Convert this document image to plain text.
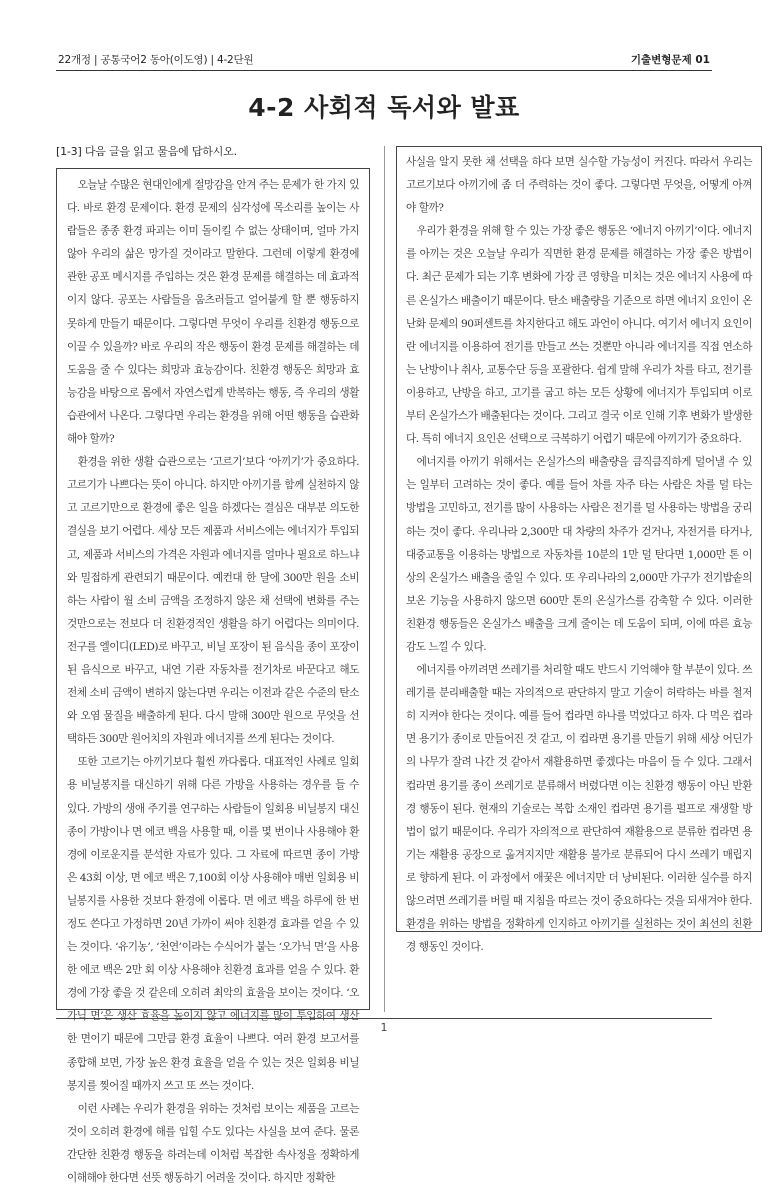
22개정 | 공통국어2 동아(이도영) | 4-2단원	기출변형문제 01
4-2 사회적 독서와 발표
[1-3] 다음 글을 읽고 물음에 답하시오.

오늘날 수많은 현대인에게 절망감을 안겨 주는 문제가 한 가지 있다. 바로 환경 문제이다. 환경 문제의 심각성에 목소리를 높이는 사람들은 종종 환경 파괴는 이미 돌이킬 수 없는 상태이며, 얼마 가지 않아 우리의 삶은 망가질 것이라고 말한다. 그런데 이렇게 환경에 관한 공포 메시지를 주입하는 것은 환경 문제를 해결하는 데 효과적이지 않다. 공포는 사람들을 움츠러들고 얼어붙게 할 뿐 행동하지 못하게 만들기 때문이다. 그렇다면 무엇이 우리를 친환경 행동으로 이끌 수 있을까? 바로 우리의 작은 행동이 환경 문제를 해결하는 데 도움을 줄 수 있다는 희망과 효능감이다. 친환경 행동은 희망과 효능감을 바탕으로 몸에서 자연스럽게 반복하는 행동, 즉 우리의 생활 습관에서 나온다. 그렇다면 우리는 환경을 위해 어떤 행동을 습관화해야 할까?

환경을 위한 생활 습관으로는 ‘고르기’보다 ‘아끼기’가 중요하다. 고르기가 나쁘다는 뜻이 아니다. 하지만 아끼기를 함께 실천하지 않고 고르기만으로 환경에 좋은 일을 하겠다는 결심은 대부분 의도한 결실을 보기 어렵다. 세상 모든 제품과 서비스에는 에너지가 투입되고, 제품과 서비스의 가격은 자원과 에너지를 얼마나 필요로 하느냐와 밀접하게 관련되기 때문이다. 예컨대 한 달에 300만 원을 소비하는 사람이 월 소비 금액을 조정하지 않은 채 선택에 변화를 주는 것만으로는 전보다 더 친환경적인 생활을 하기 어렵다는 의미이다. 전구를 엘이디(LED)로 바꾸고, 비닐 포장이 된 음식을 종이 포장이 된 음식으로 바꾸고, 내연 기관 자동차를 전기차로 바꾼다고 해도 전체 소비 금액이 변하지 않는다면 우리는 이전과 같은 수준의 탄소와 오염 물질을 배출하게 된다. 다시 말해 300만 원으로 무엇을 선택하든 300만 원어치의 자원과 에너지를 쓰게 된다는 것이다.

또한 고르기는 아끼기보다 훨씬 까다롭다. 대표적인 사례로 일회용 비닐봉지를 대신하기 위해 다른 가방을 사용하는 경우를 들 수 있다. 가방의 생애 주기를 연구하는 사람들이 일회용 비닐봉지 대신 종이 가방이나 면 에코 백을 사용할 때, 이를 몇 번이나 사용해야 환경에 이로운지를 분석한 자료가 있다. 그 자료에 따르면 종이 가방은 43회 이상, 면 에코 백은 7,100회 이상 사용해야 매번 일회용 비닐봉지를 사용한 것보다 환경에 이롭다. 면 에코 백을 하루에 한 번 정도 쓴다고 가정하면 20년 가까이 써야 친환경 효과를 얻을 수 있는 것이다. ‘유기농’, ‘천연’이라는 수식어가 붙는 ‘오가닉 면’을 사용한 에코 백은 2만 회 이상 사용해야 친환경 효과를 얻을 수 있다. 환경에 가장 좋을 것 같은데 오히려 최악의 효율을 보이는 것이다. ‘오가닉 면’은 생산 효율을 높이지 않고 에너지를 많이 투입하여 생산한 면이기 때문에 그만큼 환경 효율이 나쁘다. 여러 환경 보고서를 종합해 보면, 가장 높은 환경 효율을 얻을 수 있는 것은 일회용 비닐봉지를 찢어질 때까지 쓰고 또 쓰는 것이다.

이런 사례는 우리가 환경을 위하는 것처럼 보이는 제품을 고르는 것이 오히려 환경에 해를 입힐 수도 있다는 사실을 보여 준다. 물론 간단한 친환경 행동을 하려는데 이처럼 복잡한 속사정을 정확하게 이해해야 한다면 선뜻 행동하기 어려울 것이다. 하지만 정확한

사실을 알지 못한 채 선택을 하다 보면 실수할 가능성이 커진다. 따라서 우리는 고르기보다 아끼기에 좀 더 주력하는 것이 좋다. 그렇다면 무엇을, 어떻게 아껴야 할까?

우리가 환경을 위해 할 수 있는 가장 좋은 행동은 ‘에너지 아끼기’이다. 에너지를 아끼는 것은 오늘날 우리가 직면한 환경 문제를 해결하는 가장 좋은 방법이다. 최근 문제가 되는 기후 변화에 가장 큰 영향을 미치는 것은 에너지 사용에 따른 온실가스 배출이기 때문이다. 탄소 배출량을 기준으로 하면 에너지 요인이 온난화 문제의 90퍼센트를 차지한다고 해도 과언이 아니다. 여기서 에너지 요인이란 에너지를 이용하여 전기를 만들고 쓰는 것뿐만 아니라 에너지를 직접 연소하는 난방이나 취사, 교통수단 등을 포괄한다. 쉽게 말해 우리가 차를 타고, 전기를 이용하고, 난방을 하고, 고기를 굽고 하는 모든 상황에 에너지가 투입되며 이로부터 온실가스가 배출된다는 것이다. 그리고 결국 이로 인해 기후 변화가 발생한다. 특히 에너지 요인은 선택으로 극복하기 어렵기 때문에 아끼기가 중요하다.

에너지를 아끼기 위해서는 온실가스의 배출량을 큼직큼직하게 덜어낼 수 있는 일부터 고려하는 것이 좋다. 예를 들어 차를 자주 타는 사람은 차를 덜 타는 방법을 고민하고, 전기를 많이 사용하는 사람은 전기를 덜 사용하는 방법을 궁리하는 것이 좋다. 우리나라 2,300만 대 차량의 차주가 걷거나, 자전거를 타거나, 대중교통을 이용하는 방법으로 자동차를 10분의 1만 덜 탄다면 1,000만 톤 이상의 온실가스 배출을 줄일 수 있다. 또 우리나라의 2,000만 가구가 전기밥솥의 보온 기능을 사용하지 않으면 600만 톤의 온실가스를 감축할 수 있다. 이러한 친환경 행동들은 온실가스 배출을 크게 줄이는 데 도움이 되며, 이에 따른 효능감도 느낄 수 있다.

에너지를 아끼려면 쓰레기를 처리할 때도 반드시 기억해야 할 부분이 있다. 쓰레기를 분리배출할 때는 자의적으로 판단하지 말고 기술이 허락하는 바를 철저히 지켜야 한다는 것이다. 예를 들어 컵라면 하나를 먹었다고 하자. 다 먹은 컵라면 용기가 종이로 만들어진 것 같고, 이 컵라면 용기를 만들기 위해 세상 어딘가의 나무가 잘려 나간 것 같아서 재활용하면 좋겠다는 마음이 들 수 있다. 그래서 컵라면 용기를 종이 쓰레기로 분류해서 버렸다면 이는 친환경 행동이 아닌 반환경 행동이 된다. 현재의 기술로는 복합 소재인 컵라면 용기를 펄프로 재생할 방법이 없기 때문이다. 우리가 자의적으로 판단하여 재활용으로 분류한 컵라면 용기는 재활용 공장으로 옮겨지지만 재활용 불가로 분류되어 다시 쓰레기 매립지로 향하게 된다. 이 과정에서 애꿎은 에너지만 더 낭비된다. 이러한 실수를 하지 않으려면 쓰레기를 버릴 때 지침을 따르는 것이 중요하다는 것을 되새겨야 한다. 환경을 위하는 방법을 정확하게 인지하고 아끼기를 실천하는 것이 최선의 친환경 행동인 것이다.

1
